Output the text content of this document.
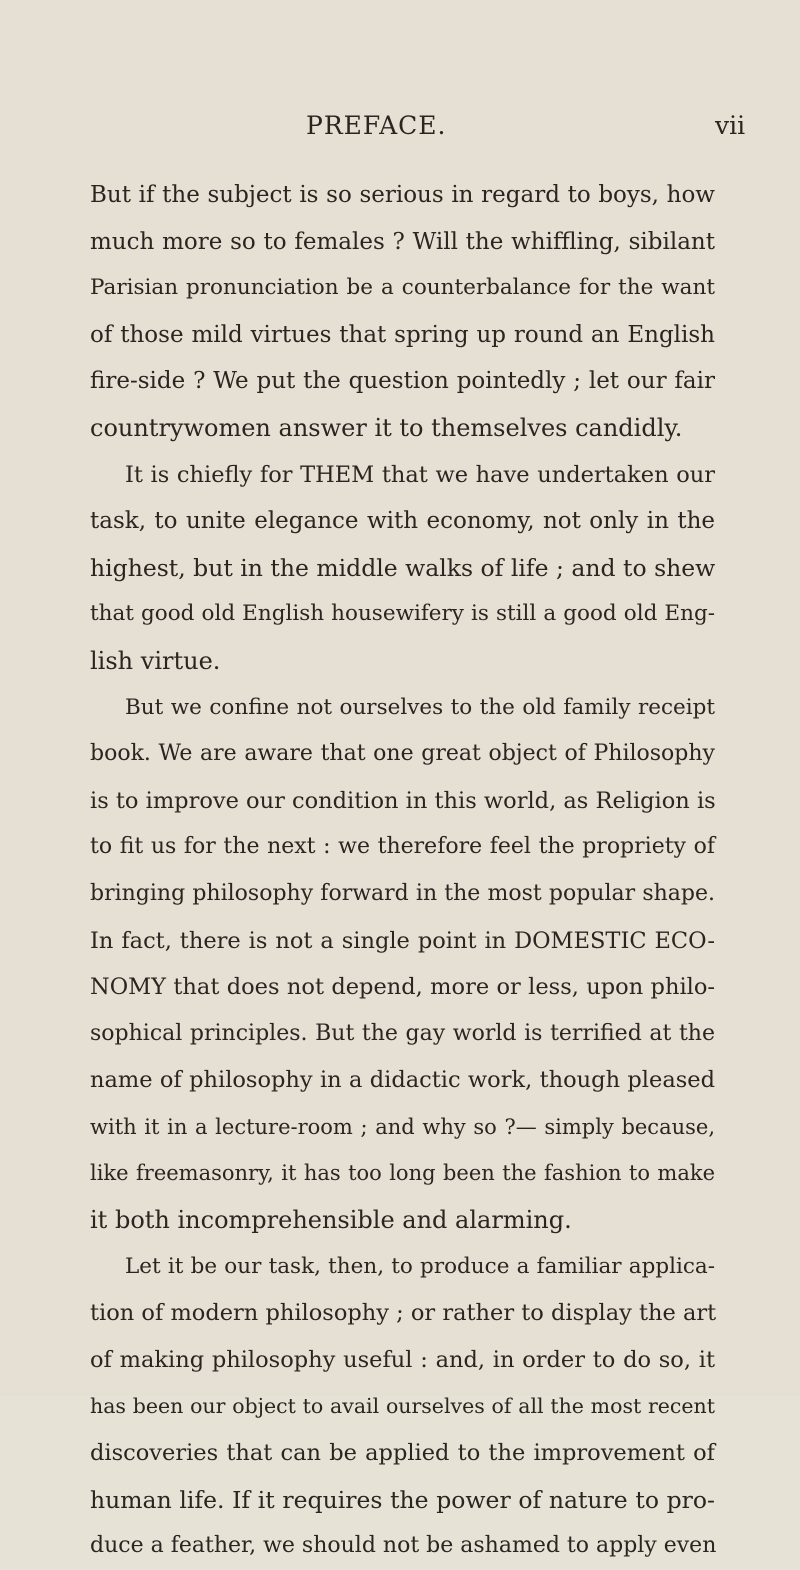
PREFACE.	vii
But if the subject is so serious in regard to boys, how
much more so to females ? Will the whiffling, sibilant
Parisian pronunciation be a counterbalance for the want
of those mild virtues that spring up round an English
fire-side ? We put the question pointedly ; let our fair
countrywomen answer it to themselves candidly.
It is chiefly for THEM that we have undertaken our
task, to unite elegance with economy, not only in the
highest, but in the middle walks of life ; and to shew
that good old English housewifery is still a good old Eng-
lish virtue.
But we confine not ourselves to the old family receipt
book. We are aware that one great object of Philosophy
is to improve our condition in this world, as Religion is
to fit us for the next : we therefore feel the propriety of
bringing philosophy forward in the most popular shape.
In fact, there is not a single point in DOMESTIC ECO-
NOMY that does not depend, more or less, upon philo-
sophical principles. But the gay world is terrified at the
name of philosophy in a didactic work, though pleased
with it in a lecture-room ; and why so ?— simply because,
like freemasonry, it has too long been the fashion to make
it both incomprehensible and alarming.
Let it be our task, then, to produce a familiar applica-
tion of modern philosophy ; or rather to display the art
of making philosophy useful : and, in order to do so, it
has been our object to avail ourselves of all the most recent
discoveries that can be applied to the improvement of
human life. If it requires the power of nature to pro-
duce a feather, we should not be ashamed to apply even
